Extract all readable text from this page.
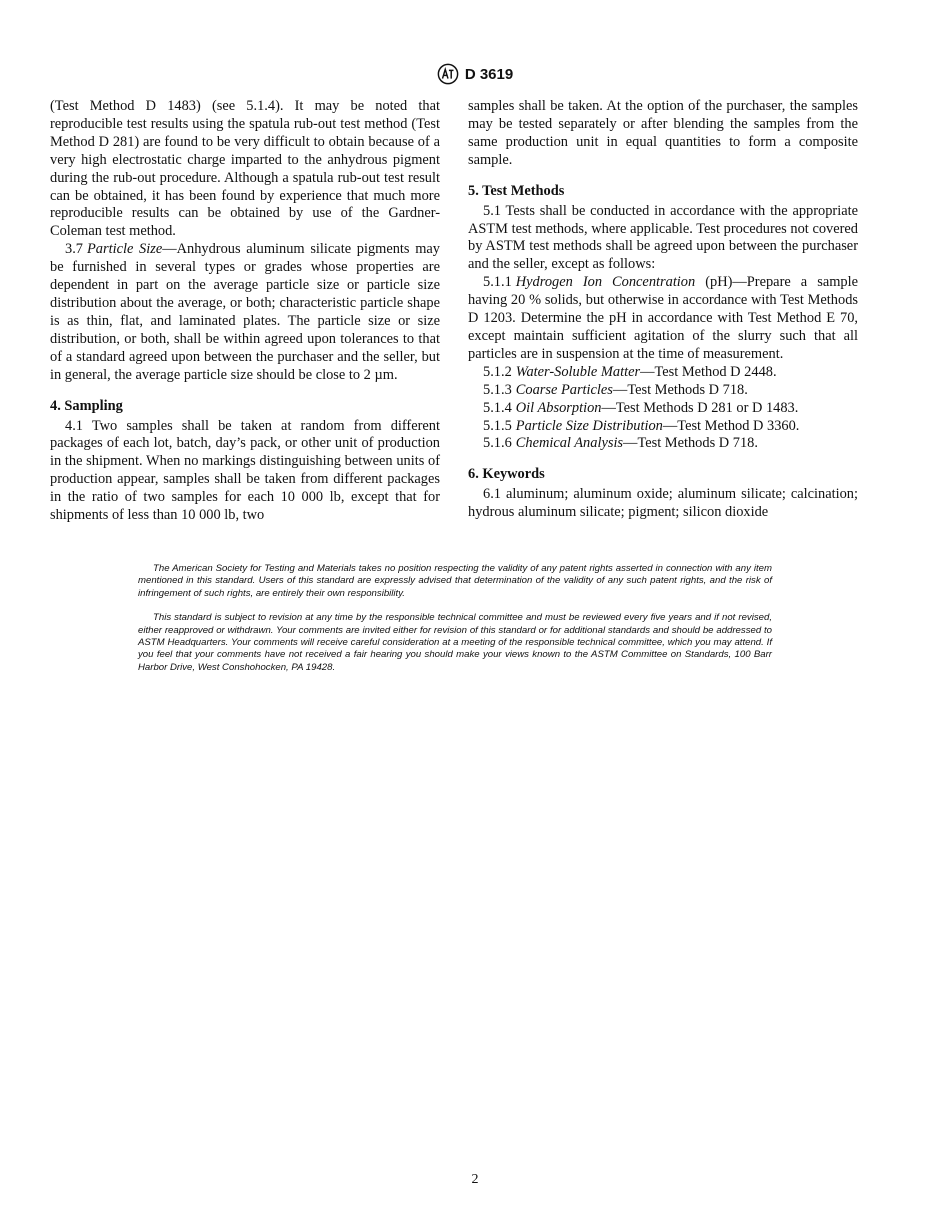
D 3619

(Test Method D 1483) (see 5.1.4). It may be noted that reproducible test results using the spatula rub-out test method (Test Method D 281) are found to be very difficult to obtain because of a very high electrostatic charge imparted to the anhydrous pigment during the rub-out procedure. Although a spatula rub-out test result can be obtained, it has been found by experience that much more reproducible results can be obtained by use of the Gardner-Coleman test method.

3.7 Particle Size—Anhydrous aluminum silicate pigments may be furnished in several types or grades whose properties are dependent in part on the average particle size or particle size distribution about the average, or both; characteristic particle shape is as thin, flat, and laminated plates. The particle size or size distribution, or both, shall be within agreed upon tolerances to that of a standard agreed upon between the purchaser and the seller, but in general, the average particle size should be close to 2 µm.

4. Sampling

4.1 Two samples shall be taken at random from different packages of each lot, batch, day’s pack, or other unit of production in the shipment. When no markings distinguishing between units of production appear, samples shall be taken from different packages in the ratio of two samples for each 10 000 lb, except that for shipments of less than 10 000 lb, two

samples shall be taken. At the option of the purchaser, the samples may be tested separately or after blending the samples from the same production unit in equal quantities to form a composite sample.

5. Test Methods

5.1 Tests shall be conducted in accordance with the appropriate ASTM test methods, where applicable. Test procedures not covered by ASTM test methods shall be agreed upon between the purchaser and the seller, except as follows:

5.1.1 Hydrogen Ion Concentration (pH)—Prepare a sample having 20 % solids, but otherwise in accordance with Test Methods D 1203. Determine the pH in accordance with Test Method E 70, except maintain sufficient agitation of the slurry such that all particles are in suspension at the time of measurement.

5.1.2 Water-Soluble Matter—Test Method D 2448.

5.1.3 Coarse Particles—Test Methods D 718.

5.1.4 Oil Absorption—Test Methods D 281 or D 1483.

5.1.5 Particle Size Distribution—Test Method D 3360.

5.1.6 Chemical Analysis—Test Methods D 718.

6. Keywords

6.1 aluminum; aluminum oxide; aluminum silicate; calcination; hydrous aluminum silicate; pigment; silicon dioxide

The American Society for Testing and Materials takes no position respecting the validity of any patent rights asserted in connection with any item mentioned in this standard. Users of this standard are expressly advised that determination of the validity of any such patent rights, and the risk of infringement of such rights, are entirely their own responsibility.

This standard is subject to revision at any time by the responsible technical committee and must be reviewed every five years and if not revised, either reapproved or withdrawn. Your comments are invited either for revision of this standard or for additional standards and should be addressed to ASTM Headquarters. Your comments will receive careful consideration at a meeting of the responsible technical committee, which you may attend. If you feel that your comments have not received a fair hearing you should make your views known to the ASTM Committee on Standards, 100 Barr Harbor Drive, West Conshohocken, PA 19428.

2
